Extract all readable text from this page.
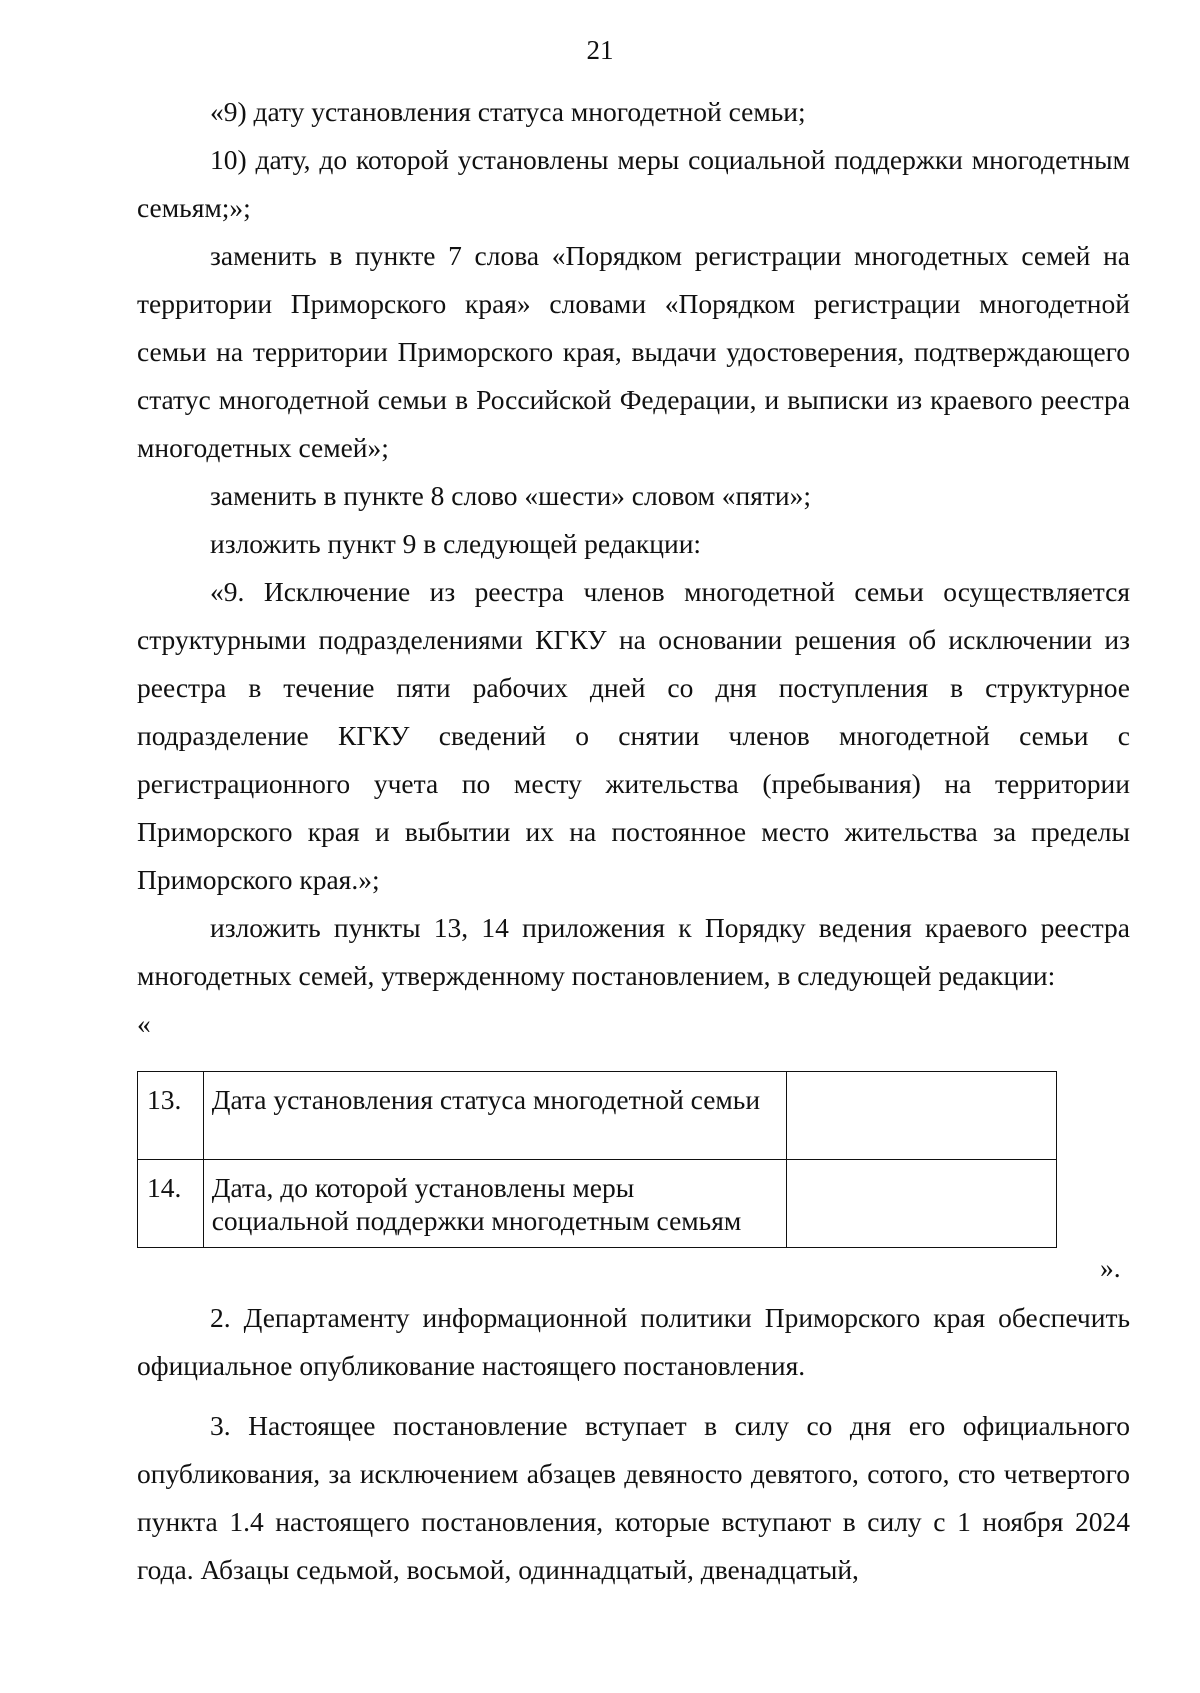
21

«9) дату установления статуса многодетной семьи;

10) дату, до которой установлены меры социальной поддержки многодетным семьям;»;

заменить в пункте 7 слова «Порядком регистрации многодетных семей на территории Приморского края» словами «Порядком регистрации многодетной семьи на территории Приморского края, выдачи удостоверения, подтверждающего статус многодетной семьи в Российской Федерации, и выписки из краевого реестра многодетных семей»;

заменить в пункте 8 слово «шести» словом «пяти»;

изложить пункт 9 в следующей редакции:

«9. Исключение из реестра членов многодетной семьи осуществляется структурными подразделениями КГКУ на основании решения об исключении из реестра в течение пяти рабочих дней со дня поступления в структурное подразделение КГКУ сведений о снятии членов многодетной семьи с регистрационного учета по месту жительства (пребывания) на территории Приморского края и выбытии их на постоянное место жительства за пределы Приморского края.»;

изложить пункты 13, 14 приложения к Порядку ведения краевого реестра многодетных семей, утвержденному постановлением, в следующей редакции:

«

13.	Дата установления статуса многодетной семьи	
14.	Дата, до которой установлены меры социальной поддержки многодетным семьям	
».

2. Департаменту информационной политики Приморского края обеспечить официальное опубликование настоящего постановления.

3. Настоящее постановление вступает в силу со дня его официального опубликования, за исключением абзацев девяносто девятого, сотого, сто четвертого пункта 1.4 настоящего постановления, которые вступают в силу с 1 ноября 2024 года. Абзацы седьмой, восьмой, одиннадцатый, двенадцатый,
